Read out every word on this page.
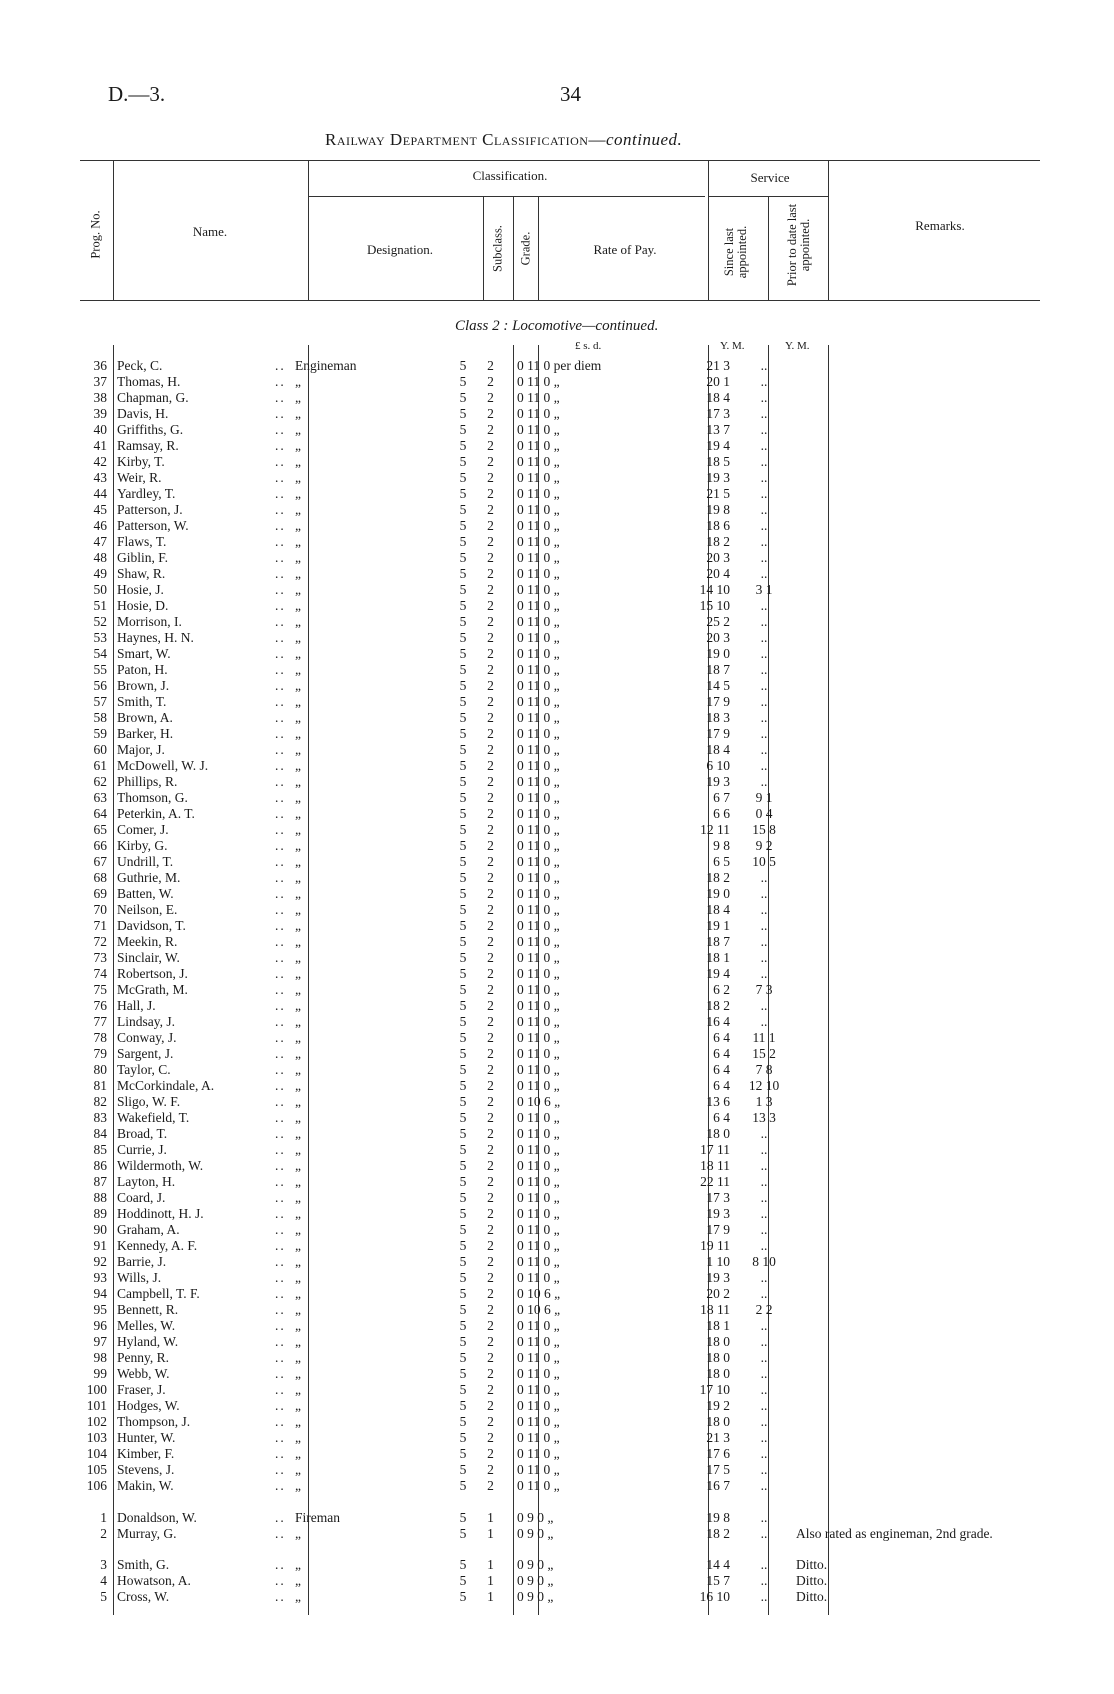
D.—3.	34
Railway Department Classification—continued.
Prog. No.	Name.
Classification.
Designation.	Subclass. Grade.	Rate of Pay.
Service
Since last appointed.	Prior to date last appointed.	Remarks.
Class 2 : Locomotive—continued.
£ s. d.	Y. M.	Y. M.
36	Peck, C.	..	Engineman	5	2	0 11 0 per diem	21 3	..	
37	Thomas, H.	..	„	5	2	0 11 0 „	20 1	..	
38	Chapman, G.	..	„	5	2	0 11 0 „	18 4	..	
39	Davis, H.	..	„	5	2	0 11 0 „	17 3	..	
40	Griffiths, G.	..	„	5	2	0 11 0 „	13 7	..	
41	Ramsay, R.	..	„	5	2	0 11 0 „	19 4	..	
42	Kirby, T.	..	„	5	2	0 11 0 „	18 5	..	
43	Weir, R.	..	„	5	2	0 11 0 „	19 3	..	
44	Yardley, T.	..	„	5	2	0 11 0 „	21 5	..	
45	Patterson, J.	..	„	5	2	0 11 0 „	19 8	..	
46	Patterson, W.	..	„	5	2	0 11 0 „	18 6	..	
47	Flaws, T.	..	„	5	2	0 11 0 „	18 2	..	
48	Giblin, F.	..	„	5	2	0 11 0 „	20 3	..	
49	Shaw, R.	..	„	5	2	0 11 0 „	20 4	..	
50	Hosie, J.	..	„	5	2	0 11 0 „	14 10	3 1	
51	Hosie, D.	..	„	5	2	0 11 0 „	15 10	..	
52	Morrison, I.	..	„	5	2	0 11 0 „	25 2	..	
53	Haynes, H. N.	..	„	5	2	0 11 0 „	20 3	..	
54	Smart, W.	..	„	5	2	0 11 0 „	19 0	..	
55	Paton, H.	..	„	5	2	0 11 0 „	18 7	..	
56	Brown, J.	..	„	5	2	0 11 0 „	14 5	..	
57	Smith, T.	..	„	5	2	0 11 0 „	17 9	..	
58	Brown, A.	..	„	5	2	0 11 0 „	18 3	..	
59	Barker, H.	..	„	5	2	0 11 0 „	17 9	..	
60	Major, J.	..	„	5	2	0 11 0 „	18 4	..	
61	McDowell, W. J.	..	„	5	2	0 11 0 „	6 10	..	
62	Phillips, R.	..	„	5	2	0 11 0 „	19 3	..	
63	Thomson, G.	..	„	5	2	0 11 0 „	6 7	9 1	
64	Peterkin, A. T.	..	„	5	2	0 11 0 „	6 6	0 4	
65	Comer, J.	..	„	5	2	0 11 0 „	12 11	15 8	
66	Kirby, G.	..	„	5	2	0 11 0 „	9 8	9 2	
67	Undrill, T.	..	„	5	2	0 11 0 „	6 5	10 5	
68	Guthrie, M.	..	„	5	2	0 11 0 „	18 2	..	
69	Batten, W.	..	„	5	2	0 11 0 „	19 0	..	
70	Neilson, E.	..	„	5	2	0 11 0 „	18 4	..	
71	Davidson, T.	..	„	5	2	0 11 0 „	19 1	..	
72	Meekin, R.	..	„	5	2	0 11 0 „	18 7	..	
73	Sinclair, W.	..	„	5	2	0 11 0 „	18 1	..	
74	Robertson, J.	..	„	5	2	0 11 0 „	19 4	..	
75	McGrath, M.	..	„	5	2	0 11 0 „	6 2	7 3	
76	Hall, J.	..	„	5	2	0 11 0 „	18 2	..	
77	Lindsay, J.	..	„	5	2	0 11 0 „	16 4	..	
78	Conway, J.	..	„	5	2	0 11 0 „	6 4	11 1	
79	Sargent, J.	..	„	5	2	0 11 0 „	6 4	15 2	
80	Taylor, C.	..	„	5	2	0 11 0 „	6 4	7 8	
81	McCorkindale, A.	..	„	5	2	0 11 0 „	6 4	12 10	
82	Sligo, W. F.	..	„	5	2	0 10 6 „	13 6	1 3	
83	Wakefield, T.	..	„	5	2	0 11 0 „	6 4	13 3	
84	Broad, T.	..	„	5	2	0 11 0 „	18 0	..	
85	Currie, J.	..	„	5	2	0 11 0 „	17 11	..	
86	Wildermoth, W.	..	„	5	2	0 11 0 „	18 11	..	
87	Layton, H.	..	„	5	2	0 11 0 „	22 11	..	
88	Coard, J.	..	„	5	2	0 11 0 „	17 3	..	
89	Hoddinott, H. J.	..	„	5	2	0 11 0 „	19 3	..	
90	Graham, A.	..	„	5	2	0 11 0 „	17 9	..	
91	Kennedy, A. F.	..	„	5	2	0 11 0 „	19 11	..	
92	Barrie, J.	..	„	5	2	0 11 0 „	1 10	8 10	
93	Wills, J.	..	„	5	2	0 11 0 „	19 3	..	
94	Campbell, T. F.	..	„	5	2	0 10 6 „	20 2	..	
95	Bennett, R.	..	„	5	2	0 10 6 „	18 11	2 2	
96	Melles, W.	..	„	5	2	0 11 0 „	18 1	..	
97	Hyland, W.	..	„	5	2	0 11 0 „	18 0	..	
98	Penny, R.	..	„	5	2	0 11 0 „	18 0	..	
99	Webb, W.	..	„	5	2	0 11 0 „	18 0	..	
100	Fraser, J.	..	„	5	2	0 11 0 „	17 10	..	
101	Hodges, W.	..	„	5	2	0 11 0 „	19 2	..	
102	Thompson, J.	..	„	5	2	0 11 0 „	18 0	..	
103	Hunter, W.	..	„	5	2	0 11 0 „	21 3	..	
104	Kimber, F.	..	„	5	2	0 11 0 „	17 6	..	
105	Stevens, J.	..	„	5	2	0 11 0 „	17 5	..	
106	Makin, W.	..	„	5	2	0 11 0 „	16 7	..	

1	Donaldson, W.	..	Fireman	5	1	0 9 0 „	19 8	..	
2	Murray, G.	..	„	5	1	0 9 0 „	18 2	..	Also rated as engineman, 2nd grade.
3	Smith, G.	..	„	5	1	0 9 0 „	14 4	..	Ditto.
4	Howatson, A.	..	„	5	1	0 9 0 „	15 7	..	Ditto.
5	Cross, W.	..	„	5	1	0 9 0 „	16 10	..	Ditto.
